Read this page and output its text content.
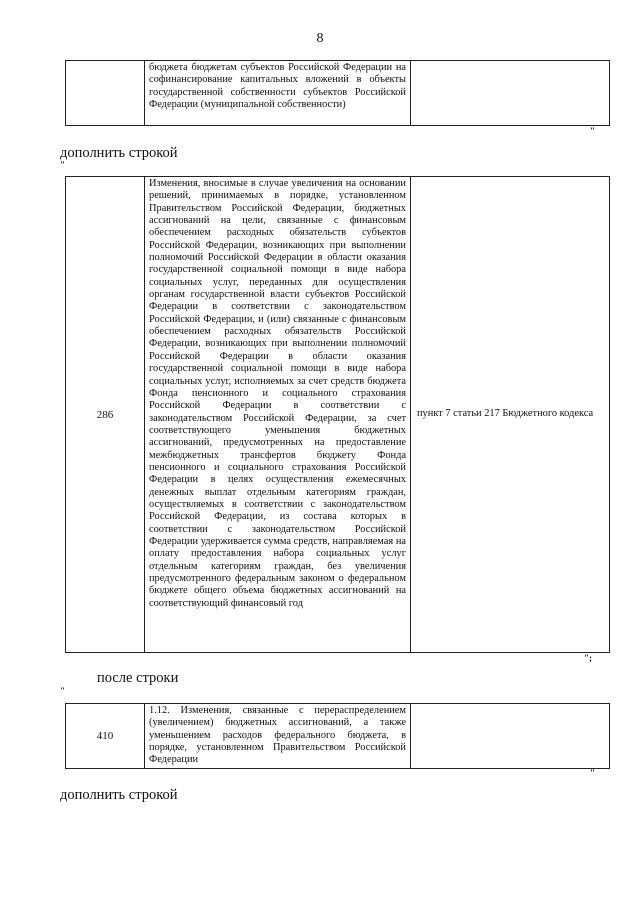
8
	бюджета бюджетам субъектов Российской Федерации на софинансирование капитальных вложений в объекты государственной собственности субъектов Российской Федерации (муниципальной собственности)	
"
дополнить строкой
"
286	Изменения, вносимые в случае увеличения на основании решений, принимаемых в порядке, установленном Правительством Российской Федерации, бюджетных ассигнований на цели, связанные с финансовым обеспечением расходных обязательств субъектов Российской Федерации, возникающих при выполнении полномочий Российской Федерации в области оказания государственной социальной помощи в виде набора социальных услуг, переданных для осуществления органам государственной власти субъектов Российской Федерации в соответствии с законодательством Российской Федерации, и (или) связанные с финансовым обеспечением расходных обязательств Российской Федерации, возникающих при выполнении полномочий Российской Федерации в области оказания государственной социальной помощи в виде набора социальных услуг, исполняемых за счет средств бюджета Фонда пенсионного и социального страхования Российской Федерации в соответствии с законодательством Российской Федерации, за счет соответствующего уменьшения бюджетных ассигнований, предусмотренных на предоставление межбюджетных трансфертов бюджету Фонда пенсионного и социального страхования Российской Федерации в целях осуществления ежемесячных денежных выплат отдельным категориям граждан, осуществляемых в соответствии с законодательством Российской Федерации, из состава которых в соответствии с законодательством Российской Федерации удерживается сумма средств, направляемая на оплату предоставления набора социальных услуг отдельным категориям граждан, без увеличения предусмотренного федеральным законом о федеральном бюджете общего объема бюджетных ассигнований на соответствующий финансовый год	пункт 7 статьи 217 Бюджетного кодекса
";
после строки
"
410	1.12. Изменения, связанные с перераспределением (увеличением) бюджетных ассигнований, а также уменьшением расходов федерального бюджета, в порядке, установленном Правительством Российской Федерации	
"
дополнить строкой
